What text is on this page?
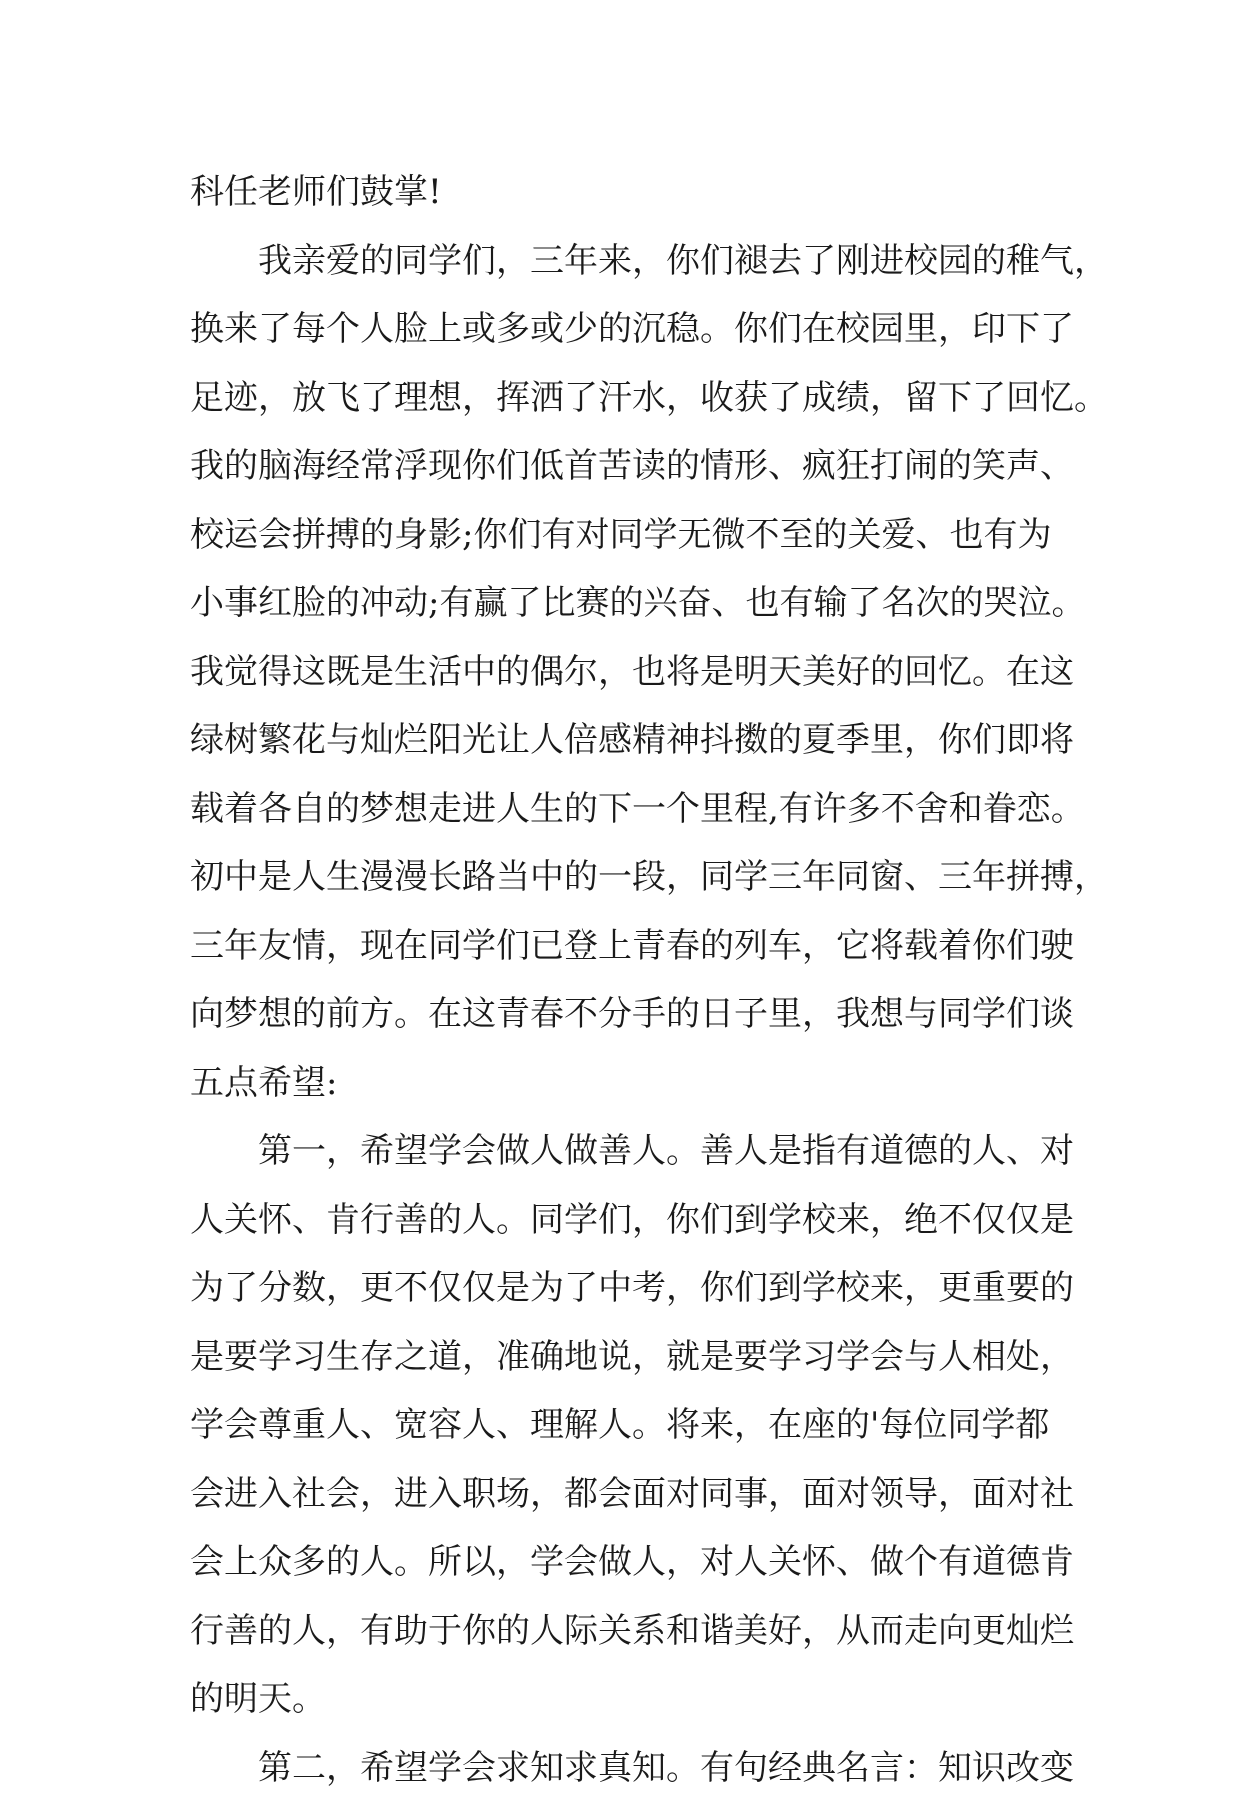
科任老师们鼓掌!
我亲爱的同学们，三年来，你们褪去了刚进校园的稚气，
换来了每个人脸上或多或少的沉稳。你们在校园里，印下了
足迹，放飞了理想，挥洒了汗水，收获了成绩，留下了回忆。
我的脑海经常浮现你们低首苦读的情形、疯狂打闹的笑声、
校运会拼搏的身影;你们有对同学无微不至的关爱、也有为
小事红脸的冲动;有赢了比赛的兴奋、也有输了名次的哭泣。
我觉得这既是生活中的偶尔，也将是明天美好的回忆。在这
绿树繁花与灿烂阳光让人倍感精神抖擞的夏季里，你们即将
载着各自的梦想走进人生的下一个里程,有许多不舍和眷恋。
初中是人生漫漫长路当中的一段，同学三年同窗、三年拼搏，
三年友情，现在同学们已登上青春的列车，它将载着你们驶
向梦想的前方。在这青春不分手的日子里，我想与同学们谈
五点希望:
第一，希望学会做人做善人。善人是指有道德的人、对
人关怀、肯行善的人。同学们，你们到学校来，绝不仅仅是
为了分数，更不仅仅是为了中考，你们到学校来，更重要的
是要学习生存之道，准确地说，就是要学习学会与人相处，
学会尊重人、宽容人、理解人。将来，在座的'每位同学都
会进入社会，进入职场，都会面对同事，面对领导，面对社
会上众多的人。所以，学会做人，对人关怀、做个有道德肯
行善的人，有助于你的人际关系和谐美好，从而走向更灿烂
的明天。
第二，希望学会求知求真知。有句经典名言：知识改变
